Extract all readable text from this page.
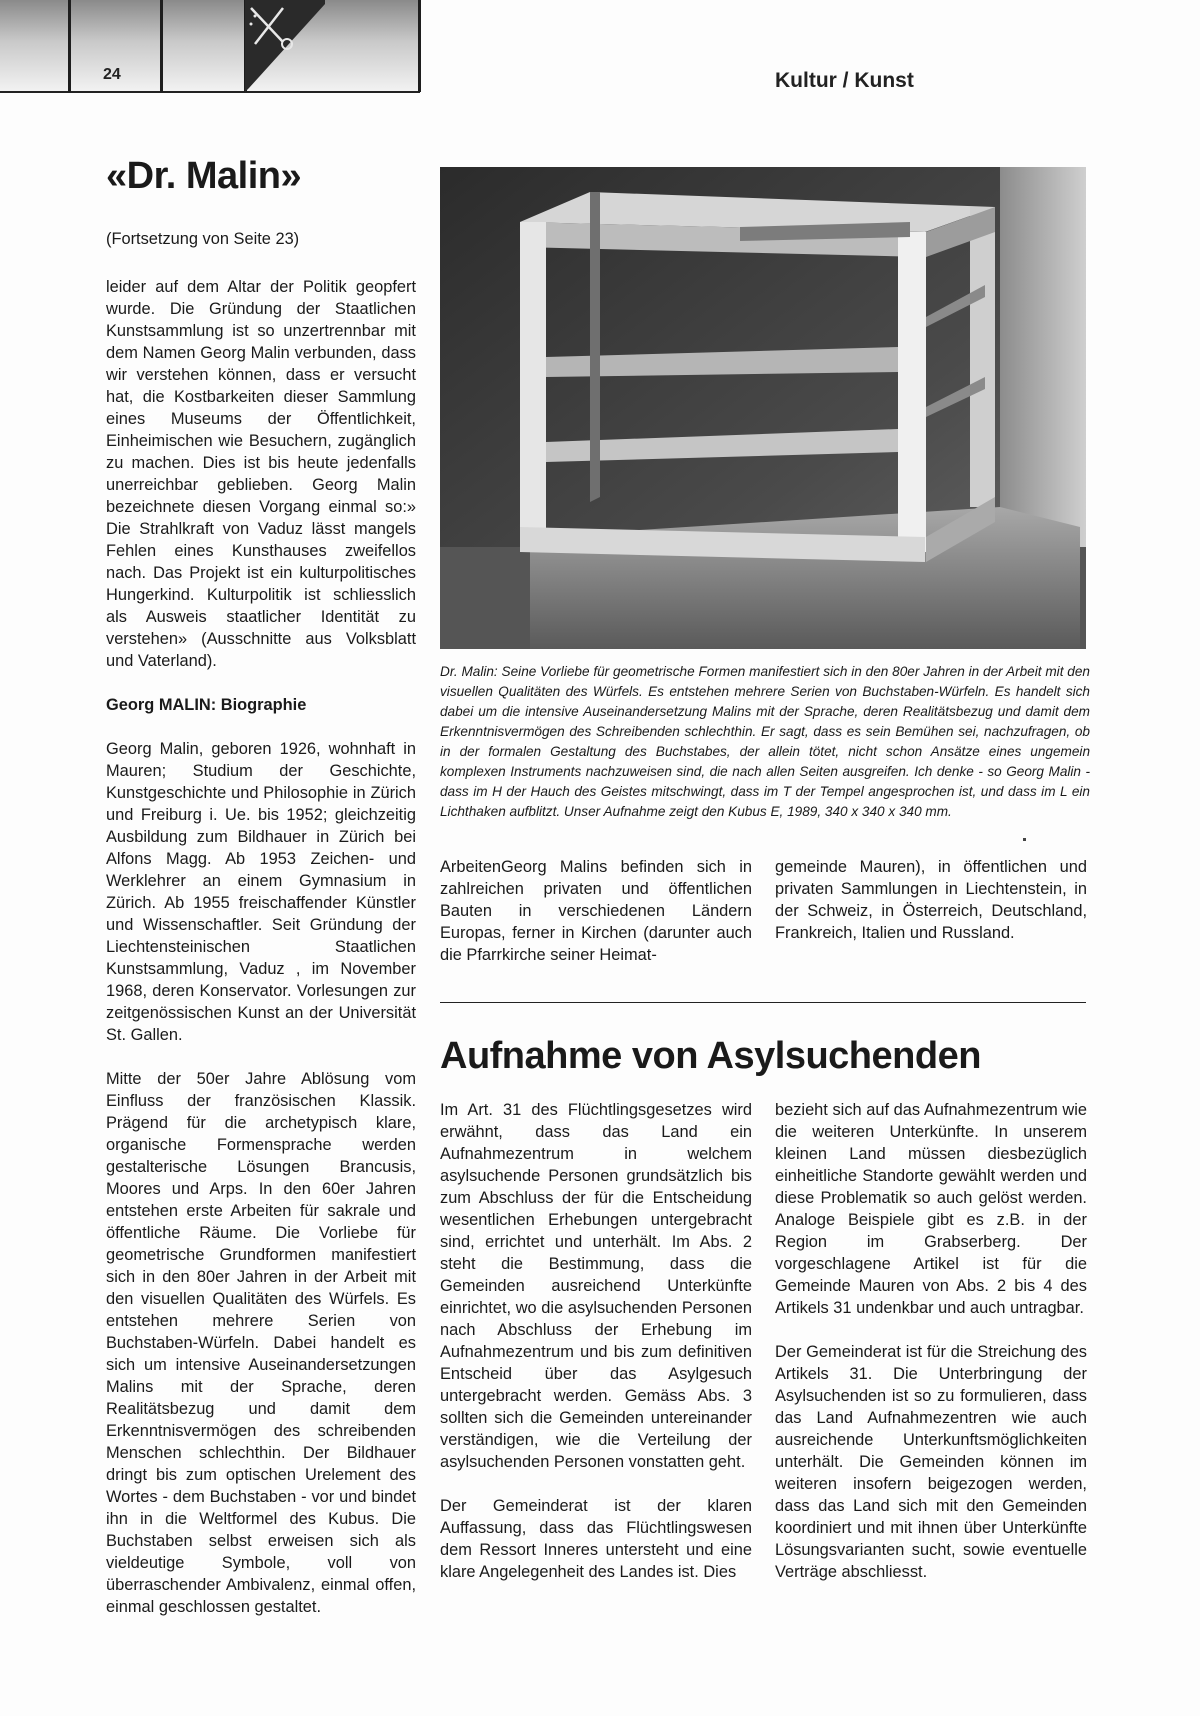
24	Kultur / Kunst
«Dr. Malin»
(Fortsetzung von Seite 23)

leider auf dem Altar der Politik geopfert wurde. Die Gründung der Staatlichen Kunstsammlung ist so unzertrennbar mit dem Namen Georg Malin verbunden, dass wir verstehen können, dass er versucht hat, die Kostbarkeiten dieser Sammlung eines Museums der Öffentlichkeit, Einheimischen wie Besuchern, zugänglich zu machen. Dies ist bis heute jedenfalls unerreichbar geblieben. Georg Malin bezeichnete diesen Vorgang einmal so:» Die Strahlkraft von Vaduz lässt mangels Fehlen eines Kunsthauses zweifellos nach. Das Projekt ist ein kulturpolitisches Hungerkind. Kulturpolitik ist schliesslich als Ausweis staatlicher Identität zu verstehen» (Ausschnitte aus Volksblatt und Vaterland).

Georg MALIN: Biographie

Georg Malin, geboren 1926, wohnhaft in Mauren; Studium der Geschichte, Kunstgeschichte und Philosophie in Zürich und Freiburg i. Ue. bis 1952; gleichzeitig Ausbildung zum Bildhauer in Zürich bei Alfons Magg. Ab 1953 Zeichen- und Werklehrer an einem Gymnasium in Zürich. Ab 1955 freischaffender Künstler und Wissenschaftler. Seit Gründung der Liechtensteinischen Staatlichen Kunstsammlung, Vaduz , im November 1968, deren Konservator. Vorlesungen zur zeitgenössischen Kunst an der Universität St. Gallen.

Mitte der 50er Jahre Ablösung vom Einfluss der französischen Klassik. Prägend für die archetypisch klare, organische Formensprache werden gestalterische Lösungen Brancusis, Moores und Arps. In den 60er Jahren entstehen erste Arbeiten für sakrale und öffentliche Räume. Die Vorliebe für geometrische Grundformen manifestiert sich in den 80er Jahren in der Arbeit mit den visuellen Qualitäten des Würfels. Es entstehen mehrere Serien von Buchstaben-Würfeln. Dabei handelt es sich um intensive Auseinandersetzungen Malins mit der Sprache, deren Realitätsbezug und damit dem Erkenntnisvermögen des schreibenden Menschen schlechthin. Der Bildhauer dringt bis zum optischen Urelement des Wortes - dem Buchstaben - vor und bindet ihn in die Weltformel des Kubus. Die Buchstaben selbst erweisen sich als vieldeutige Symbole, voll von überraschender Ambivalenz, einmal offen, einmal geschlossen gestaltet.

Dr. Malin: Seine Vorliebe für geometrische Formen manifestiert sich in den 80er Jahren in der Arbeit mit den visuellen Qualitäten des Würfels. Es entstehen mehrere Serien von Buchstaben-Würfeln. Es handelt sich dabei um die intensive Auseinandersetzung Malins mit der Sprache, deren Realitätsbezug und damit dem Erkenntnisvermögen des Schreibenden schlechthin. Er sagt, dass es sein Bemühen sei, nachzufragen, ob in der formalen Gestaltung des Buchstabes, der allein tötet, nicht schon Ansätze eines ungemein komplexen Instruments nachzuweisen sind, die nach allen Seiten ausgreifen. Ich denke - so Georg Malin - dass im H der Hauch des Geistes mitschwingt, dass im T der Tempel angesprochen ist, und dass im L ein Lichthaken aufblitzt. Unser Aufnahme zeigt den Kubus E, 1989, 340 x 340 x 340 mm.

ArbeitenGeorg Malins befinden sich in zahlreichen privaten und öffentlichen Bauten in verschiedenen Ländern Europas, ferner in Kirchen (darunter auch die Pfarrkirche seiner Heimat-

gemeinde Mauren), in öffentlichen und privaten Sammlungen in Liechtenstein, in der Schweiz, in Österreich, Deutschland, Frankreich, Italien und Russland.

Aufnahme von Asylsuchenden

Im Art. 31 des Flüchtlingsgesetzes wird erwähnt, dass das Land ein Aufnahmezentrum in welchem asylsuchende Personen grundsätzlich bis zum Abschluss der für die Entscheidung wesentlichen Erhebungen untergebracht sind, errichtet und unterhält. Im Abs. 2 steht die Bestimmung, dass die Gemeinden ausreichend Unterkünfte einrichtet, wo die asylsuchenden Personen nach Abschluss der Erhebung im Aufnahmezentrum und bis zum definitiven Entscheid über das Asylgesuch untergebracht werden. Gemäss Abs. 3 sollten sich die Gemeinden untereinander verständigen, wie die Verteilung der asylsuchenden Personen vonstatten geht.

Der Gemeinderat ist der klaren Auffassung, dass das Flüchtlingswesen dem Ressort Inneres untersteht und eine klare Angelegenheit des Landes ist. Dies

bezieht sich auf das Aufnahmezentrum wie die weiteren Unterkünfte. In unserem kleinen Land müssen diesbezüglich einheitliche Standorte gewählt werden und diese Problematik so auch gelöst werden. Analoge Beispiele gibt es z.B. in der Region im Grabserberg. Der vorgeschlagene Artikel ist für die Gemeinde Mauren von Abs. 2 bis 4 des Artikels 31 undenkbar und auch untragbar.

Der Gemeinderat ist für die Streichung des Artikels 31. Die Unterbringung der Asylsuchenden ist so zu formulieren, dass das Land Aufnahmezentren wie auch ausreichende Unterkunftsmöglichkeiten unterhält. Die Gemeinden können im weiteren insofern beigezogen werden, dass das Land sich mit den Gemeinden koordiniert und mit ihnen über Unterkünfte Lösungsvarianten sucht, sowie eventuelle Verträge abschliesst.
